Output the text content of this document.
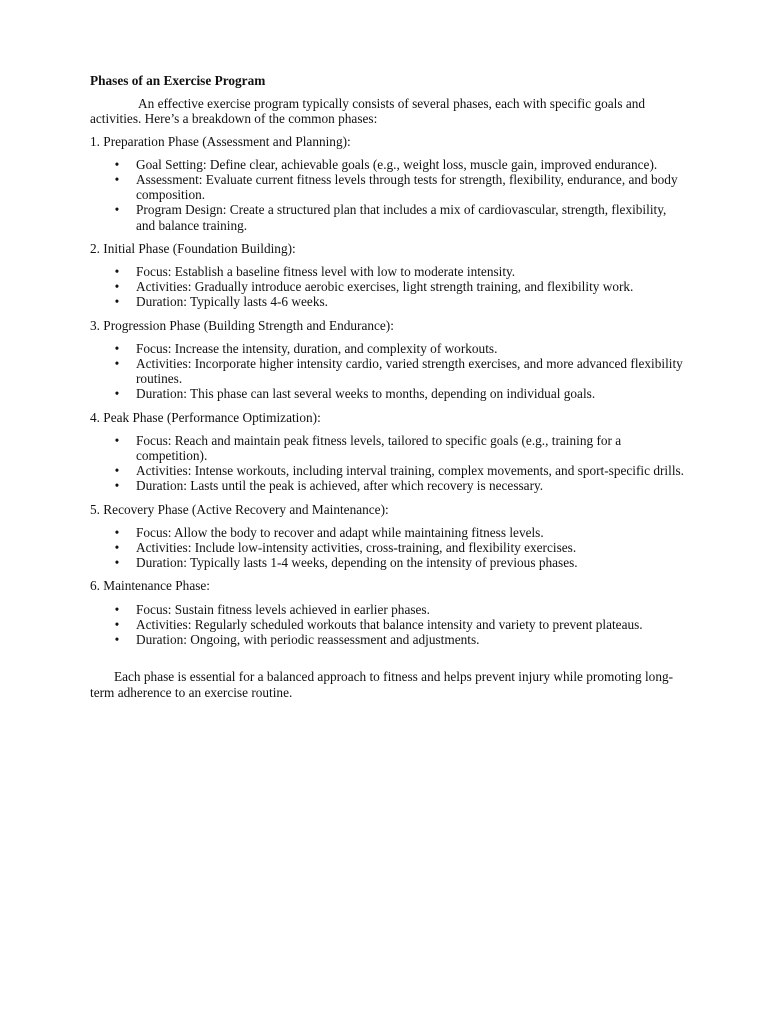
Phases of an Exercise Program

An effective exercise program typically consists of several phases, each with specific goals and activities. Here’s a breakdown of the common phases:

1. Preparation Phase (Assessment and Planning):

• Goal Setting: Define clear, achievable goals (e.g., weight loss, muscle gain, improved endurance).
• Assessment: Evaluate current fitness levels through tests for strength, flexibility, endurance, and body composition.
• Program Design: Create a structured plan that includes a mix of cardiovascular, strength, flexibility, and balance training.

2. Initial Phase (Foundation Building):

• Focus: Establish a baseline fitness level with low to moderate intensity.
• Activities: Gradually introduce aerobic exercises, light strength training, and flexibility work.
• Duration: Typically lasts 4-6 weeks.

3. Progression Phase (Building Strength and Endurance):

• Focus: Increase the intensity, duration, and complexity of workouts.
• Activities: Incorporate higher intensity cardio, varied strength exercises, and more advanced flexibility routines.
• Duration: This phase can last several weeks to months, depending on individual goals.

4. Peak Phase (Performance Optimization):

• Focus: Reach and maintain peak fitness levels, tailored to specific goals (e.g., training for a competition).
• Activities: Intense workouts, including interval training, complex movements, and sport-specific drills.
• Duration: Lasts until the peak is achieved, after which recovery is necessary.

5. Recovery Phase (Active Recovery and Maintenance):

• Focus: Allow the body to recover and adapt while maintaining fitness levels.
• Activities: Include low-intensity activities, cross-training, and flexibility exercises.
• Duration: Typically lasts 1-4 weeks, depending on the intensity of previous phases.

6. Maintenance Phase:

• Focus: Sustain fitness levels achieved in earlier phases.
• Activities: Regularly scheduled workouts that balance intensity and variety to prevent plateaus.
• Duration: Ongoing, with periodic reassessment and adjustments.

Each phase is essential for a balanced approach to fitness and helps prevent injury while promoting long-term adherence to an exercise routine.
